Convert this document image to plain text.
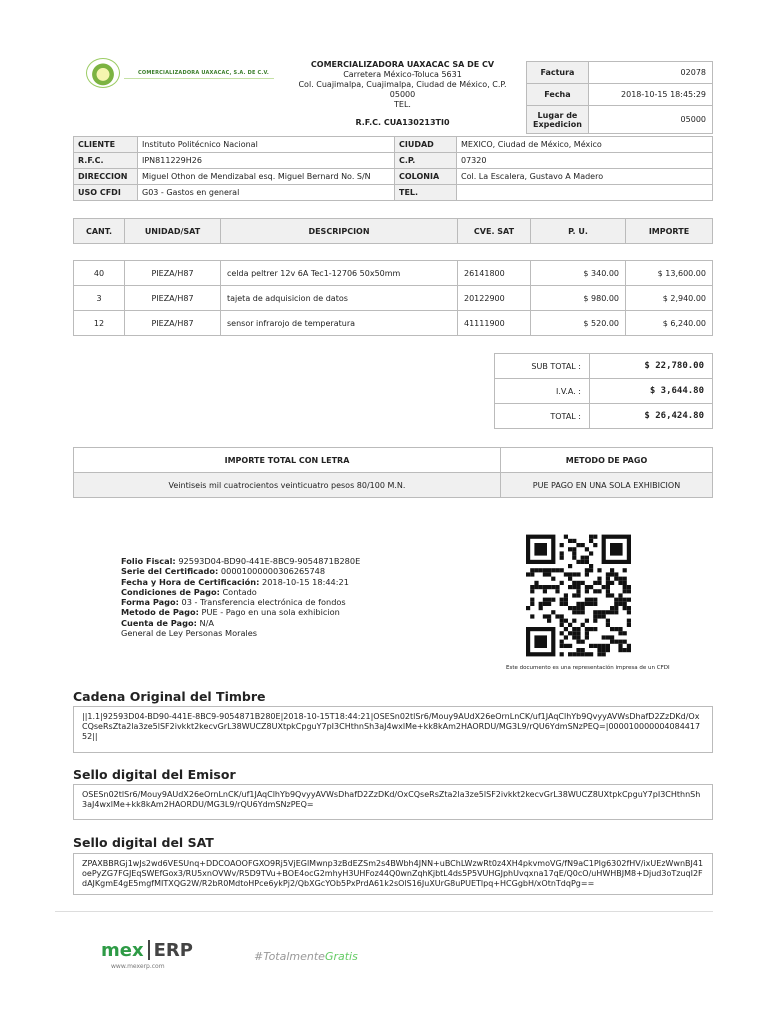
COMERCIALIZADORA UAXACAC, S.A. DE C.V.
COMERCIALIZADORA UAXACAC SA DE CV
Carretera México-Toluca 5631
Col. Cuajimalpa, Cuajimalpa, Ciudad de México, C.P. 05000
TEL.
R.F.C. CUA130213TI0
Factura	02078
Fecha	2018-10-15 18:45:29
Lugar de Expedicion	05000
CLIENTE	Instituto Politécnico Nacional	CIUDAD	MEXICO, Ciudad de México, México
R.F.C.	IPN811229H26	C.P.	07320
DIRECCION	Miguel Othon de Mendizabal esq. Miguel Bernard No. S/N	COLONIA	Col. La Escalera, Gustavo A Madero
USO CFDI	G03 - Gastos en general	TEL.	
CANT.	UNIDAD/SAT	DESCRIPCION	CVE. SAT	P. U.	IMPORTE
40	PIEZA/H87	celda peltrer 12v 6A Tec1-12706 50x50mm	26141800	$ 340.00	$ 13,600.00
3	PIEZA/H87	tajeta de adquisicion de datos	20122900	$ 980.00	$ 2,940.00
12	PIEZA/H87	sensor infrarojo de temperatura	41111900	$ 520.00	$ 6,240.00
SUB TOTAL :	$ 22,780.00
I.V.A. :	$ 3,644.80
TOTAL :	$ 26,424.80
IMPORTE TOTAL CON LETRA	METODO DE PAGO
Veintiseis mil cuatrocientos veinticuatro pesos 80/100 M.N.	PUE PAGO EN UNA SOLA EXHIBICION
Folio Fiscal: 92593D04-BD90-441E-8BC9-9054871B280E
Serie del Certificado: 00001000000306265748
Fecha y Hora de Certificación: 2018-10-15 18:44:21
Condiciones de Pago: Contado
Forma Pago: 03 - Transferencia electrónica de fondos
Metodo de Pago: PUE - Pago en una sola exhibicion
Cuenta de Pago: N/A
General de Ley Personas Morales
Este documento es una representación impresa de un CFDI
Cadena Original del Timbre
||1.1|92593D04-BD90-441E-8BC9-9054871B280E|2018-10-15T18:44:21|OSESn02tlSr6/Mouy9AUdX26eOrnLnCK/uf1JAqClhYb9QvyyAVWsDhafD2ZzDKd/OxCQseRsZta2la3ze5lSF2ivkkt2kecvGrL38WUCZ8UXtpkCpguY7pI3CHthnSh3aJ4wxlMe+kk8kAm2HAORDU/MG3L9/rQU6YdmSNzPEQ=|00001000000408441752||
Sello digital del Emisor
OSESn02tlSr6/Mouy9AUdX26eOrnLnCK/uf1JAqClhYb9QvyyAVWsDhafD2ZzDKd/OxCQseRsZta2la3ze5lSF2ivkkt2kecvGrL38WUCZ8UXtpkCpguY7pI3CHthnSh3aJ4wxlMe+kk8kAm2HAORDU/MG3L9/rQU6YdmSNzPEQ=
Sello digital del SAT
ZPAXBBRGj1wJs2wd6VESUnq+DDCOAOOFGXO9Rj5VjEGlMwnp3zBdEZSm2s4BWbh4JNN+uBChLWzwRt0z4XH4pkvmoVG/fN9aC1PIg6302fHV/ixUEzWwnBJ41oePyZG7FGJEqSWEfGox3/RU5xnOVWv/R5D9TVu+BOE4ocG2mhyH3UHFoz44Q0wnZqhKjbtL4ds5P5VUHGJphUvqxna17qE/Q0cO/uHWHBJM8+Djud3oTzuqI2FdAJKgmE4gE5mgfMITXQG2W/R2bR0MdtoHPce6ykPj2/QbXGcYOb5PxPrdA61k2sOlS16JuXUrG8uPUETlpq+HCGgbH/xOtnTdqPg==
mex ERP
www.mexerp.com
#TotalmenteGratis
